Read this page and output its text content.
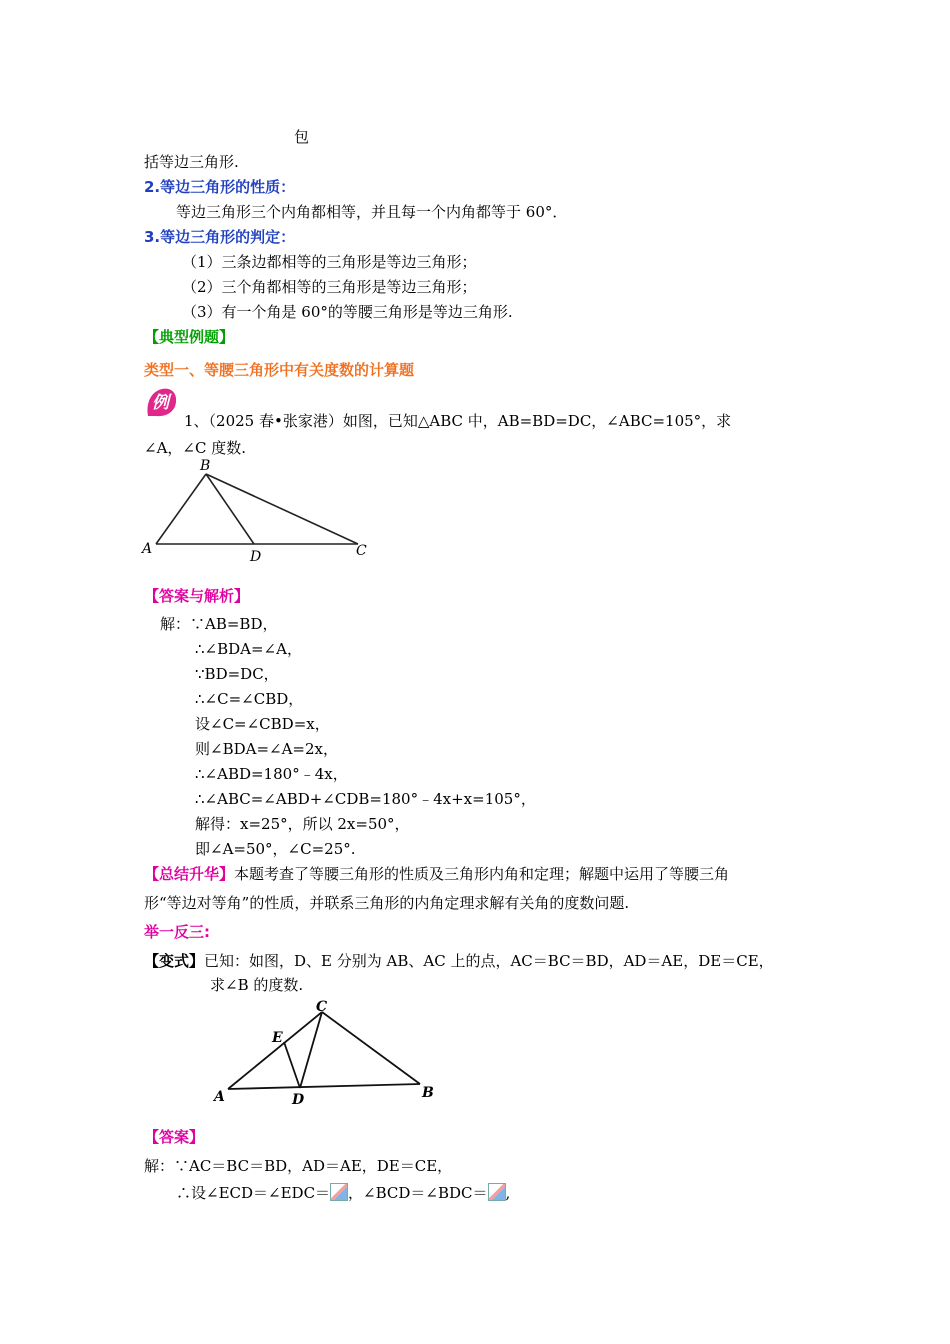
包
括等边三角形.
2.等边三角形的性质：
等边三角形三个内角都相等，并且每一个内角都等于 60°．
3.等边三角形的判定：
（1）三条边都相等的三角形是等边三角形；
（2）三个角都相等的三角形是等边三角形；
（3）有一个角是 60°的等腰三角形是等边三角形.
【典型例题】
类型一、等腰三角形中有关度数的计算题
例
1、（2025 春•张家港）如图，已知△ABC 中，AB=BD=DC，∠ABC=105°，求
∠A，∠C 度数.
B
A	D	C
【答案与解析】
解：∵AB=BD，
∴∠BDA=∠A，
∵BD=DC，
∴∠C=∠CBD，
设∠C=∠CBD=x，
则∠BDA=∠A=2x，
∴∠ABD=180°﹣4x，
∴∠ABC=∠ABD+∠CDB=180°﹣4x+x=105°，
解得：x=25°，所以 2x=50°，
即∠A=50°，∠C=25°.
【总结升华】本题考查了等腰三角形的性质及三角形内角和定理；解题中运用了等腰三角
形“等边对等角”的性质，并联系三角形的内角定理求解有关角的度数问题.
举一反三:
【变式】已知：如图，D、E 分别为 AB、AC 上的点，AC＝BC＝BD，AD＝AE，DE＝CE，
求∠B 的度数.
C
E
A	D	B
【答案】
解：∵AC＝BC＝BD，AD＝AE，DE＝CE，
∴设∠ECD＝∠EDC＝ ，∠BCD＝∠BDC＝ ,
